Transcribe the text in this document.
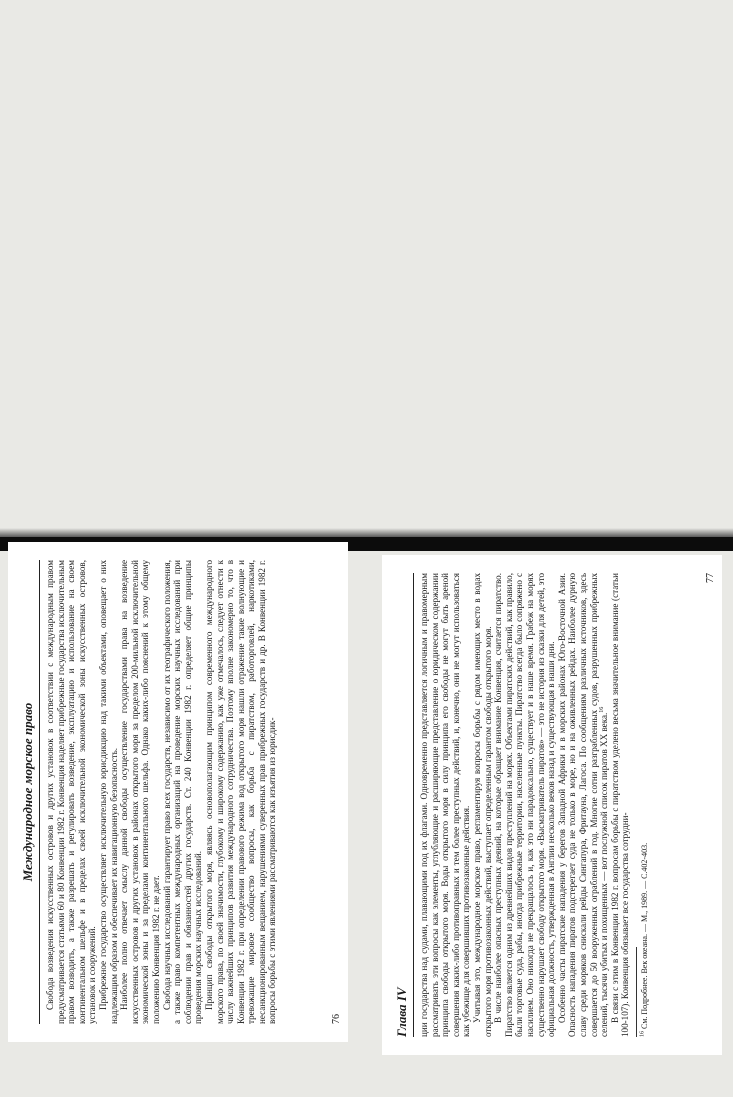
Международное морское право	Свобода возведения искусственных островов и других установок в соответствии с международным правом предусматривается статьями 60 и 80 Конвенции 1982 г. Конвенция наделяет прибрежные государства исключительным правом возводить, а также разрешать и регулировать возведение, эксплуатацию и использование на своем континентальном шельфе и в пределах своей исключительной экономической зоны искусственных островов, установок и сооружений. Прибрежное государство осуществляет исключительную юрисдикцию над такими объектами, оповещает о них надлежащим образом и обеспечивает их навигационную безопасность. Наиболее полно отвечает смыслу данной свободы осуществление государствами права на возведение искусственных островов и других установок в районах открытого моря за пределом 200-мильной исключительной экономической зоны и за пределами континентального шельфа. Однако каких-либо пояснений к этому общему положению Конвенция 1982 г. не дает. Свобода научных исследований гарантирует право всех государств, независимо от их географического положения, а также право компетентных международных организаций на проведение морских научных исследований при соблюдении прав и обязанностей других государств. Ст. 240 Конвенции 1982 г. определяет общие принципы проведения морских научных исследований. Принцип свободы открытого моря, являясь основополагающим принципом современного международного морского права, по своей значимости, глубокому и широкому содержанию, как уже отмечалось, следует отнести к числу важнейших принципов развития международного сотрудничества. Поэтому вполне закономерно то, что в Конвенции 1982 г. при определении правового режима вод открытого моря нашли отражение такие волнующие и тревожащие мировое сообщество вопросы, как борьба с пиратством, работорговлей, наркотиками, несанкционированным вещанием, нарушениями суверенных прав прибрежных государств и др. В Конвенции 1982 г. вопросы борьбы с этими явлениями рассматриваются как изъятия из юрисдик-	76	Глава IV	ции государства над судами, плавающими под их флагами. Одновременно представляется логичным и правомерным рассматривать эти вопросы как элементы, углубляющие и расширяющие представление о юридическом содержании принципа свободы открытого моря. Воды открытого моря в силу принципа его свободы не могут быть ареной совершения каких-либо противоправных и тем более преступных действий, и, конечно, они не могут использоваться как убежище для совершивших противозаконные действия. Учитывая это, международное морское право, регламентируя вопросы борьбы с рядом имеющих место в водах открытого моря противозаконных действий, выступает определенным гарантом свободы открытого моря. В числе наиболее опасных преступных деяний, на которые обращает внимание Конвенция, считается пиратство. Пиратство является одним из древнейших видов преступлений на морях. Объектами пиратских действий, как правило, были торговые суда, рабы, иногда прибрежные территории, населенные пункты. Пиратство всегда было сопряжено с насилием. Оно никогда не прекращалось и, как это ни парадоксально, существует и в наше время. Грабеж на морях существенно нарушает свободу открытого моря. «Высматриватель пиратов» — это не история из сказки для детей, это официальная должность, утвержденная в Англии несколько веков назад и существующая в наши дни. Особенно часты пиратские нападения у берегов Западной Африки и в морских районах Юго-Восточной Азии. Опасность нападения пиратов подстерегает суда не только в море, но и на оживленных рейдах. Наиболее дурную славу среди моряков снискали рейды Сингапура, Фритауна, Лагоса. По сообщениям различных источников, здесь совершается до 50 вооруженных ограблений в год. Многие сотни разграбленных судов, разрушенных прибрежных селений, тысячи убитых и похищенных — вот послужной список пиратов XX века.$^{16}$ В связи с этим в Конвенции 1982 г. вопросам борьбы с пиратством уделено весьма значительное внимание (статьи 100-107). Конвенция обязывает все государства сотрудни- $^{16}$ См. Подробнее. Век океана. — М., 1989. — С.402-403.

77
